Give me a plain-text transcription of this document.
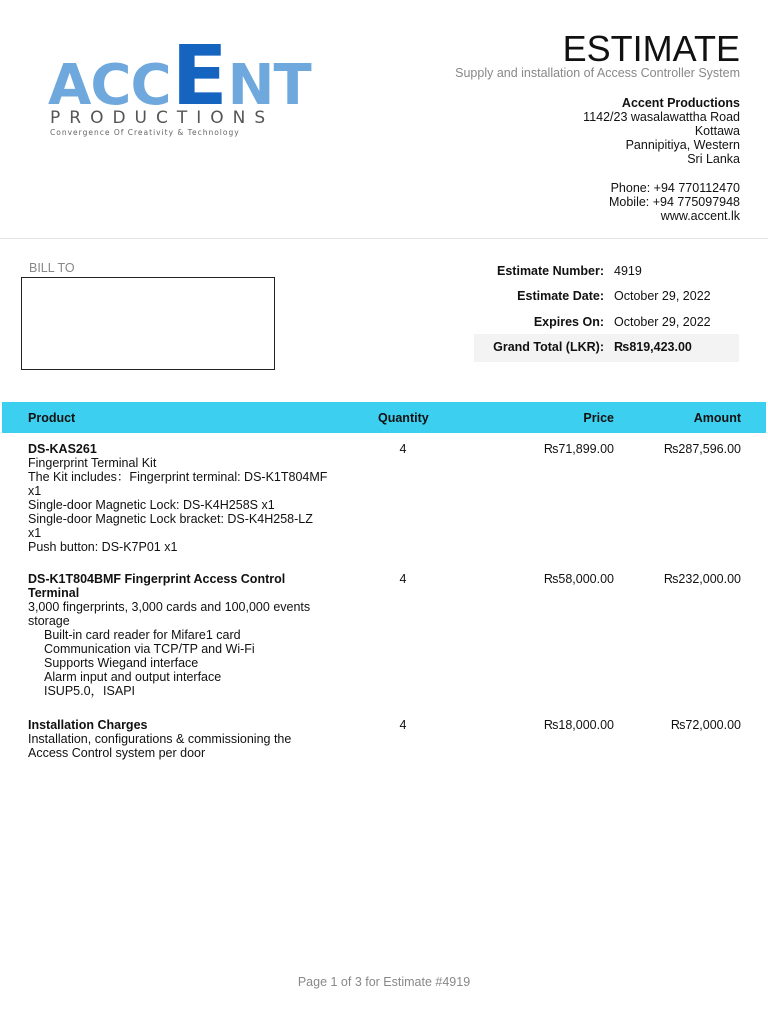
A C C E N T
PRODUCTIONS
Convergence Of Creativity & Technology
ESTIMATE
Supply and installation of Access Controller System
Accent Productions
1142/23 wasalawattha Road
Kottawa
Pannipitiya, Western
Sri Lanka
Phone: +94 770112470
Mobile: +94 775097948
www.accent.lk
BILL TO	Estimate Number: 4919
Estimate Date: October 29, 2022
Expires On: October 29, 2022
Grand Total (LKR): ₨819,423.00
Product	Quantity	Price	Amount
DS-KAS261
Fingerprint Terminal Kit
The Kit includes：Fingerprint terminal: DS-K1T804MF x1
Single-door Magnetic Lock: DS-K4H258S x1
Single-door Magnetic Lock bracket: DS-K4H258-LZ x1
Push button: DS-K7P01 x1
4	₨71,899.00	₨287,596.00
DS-K1T804BMF Fingerprint Access Control Terminal
3,000 fingerprints, 3,000 cards and 100,000 events storage
Built-in card reader for Mifare1 card
Communication via TCP/TP and Wi-Fi
Supports Wiegand interface
Alarm input and output interface
ISUP5.0，ISAPI
4	₨58,000.00	₨232,000.00
Installation Charges
Installation, configurations & commissioning the Access Control system per door
4	₨18,000.00	₨72,000.00
Page 1 of 3 for Estimate #4919
